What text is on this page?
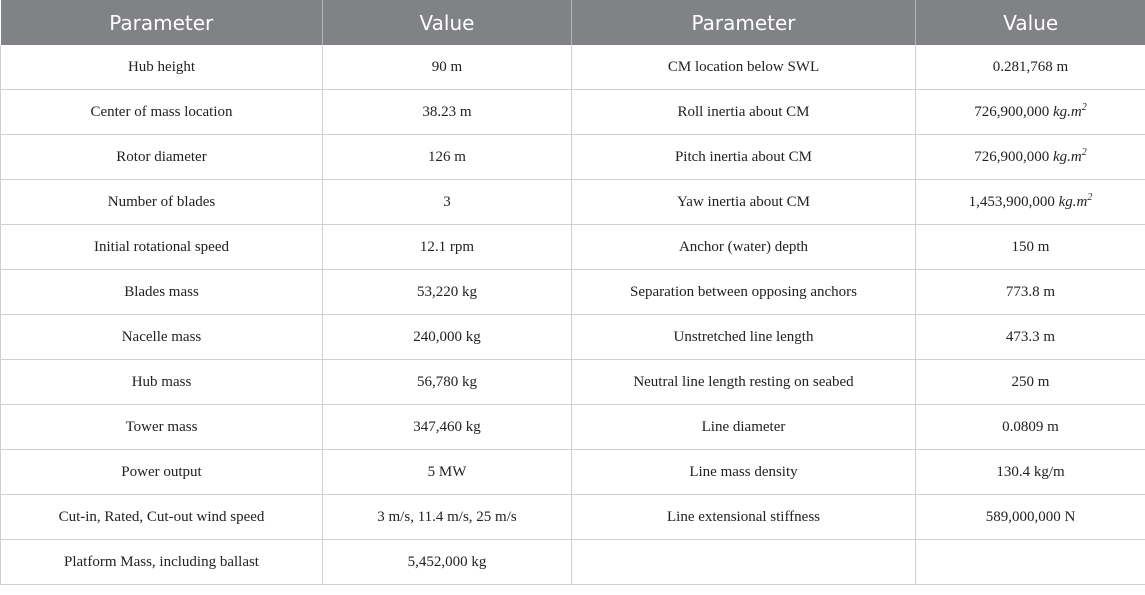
Parameter	Value	Parameter	Value
Hub height	90 m	CM location below SWL	0.281,768 m
Center of mass location	38.23 m	Roll inertia about CM	726,900,000 $kg.m^2$
Rotor diameter	126 m	Pitch inertia about CM	726,900,000 $kg.m^2$
Number of blades	3	Yaw inertia about CM	1,453,900,000 $kg.m^2$
Initial rotational speed	12.1 rpm	Anchor (water) depth	150 m
Blades mass	53,220 kg	Separation between opposing anchors	773.8 m
Nacelle mass	240,000 kg	Unstretched line length	473.3 m
Hub mass	56,780 kg	Neutral line length resting on seabed	250 m
Tower mass	347,460 kg	Line diameter	0.0809 m
Power output	5 MW	Line mass density	130.4 kg/m
Cut-in, Rated, Cut-out wind speed	3 m/s, 11.4 m/s, 25 m/s	Line extensional stiffness	589,000,000 N
Platform Mass, including ballast	5,452,000 kg		
